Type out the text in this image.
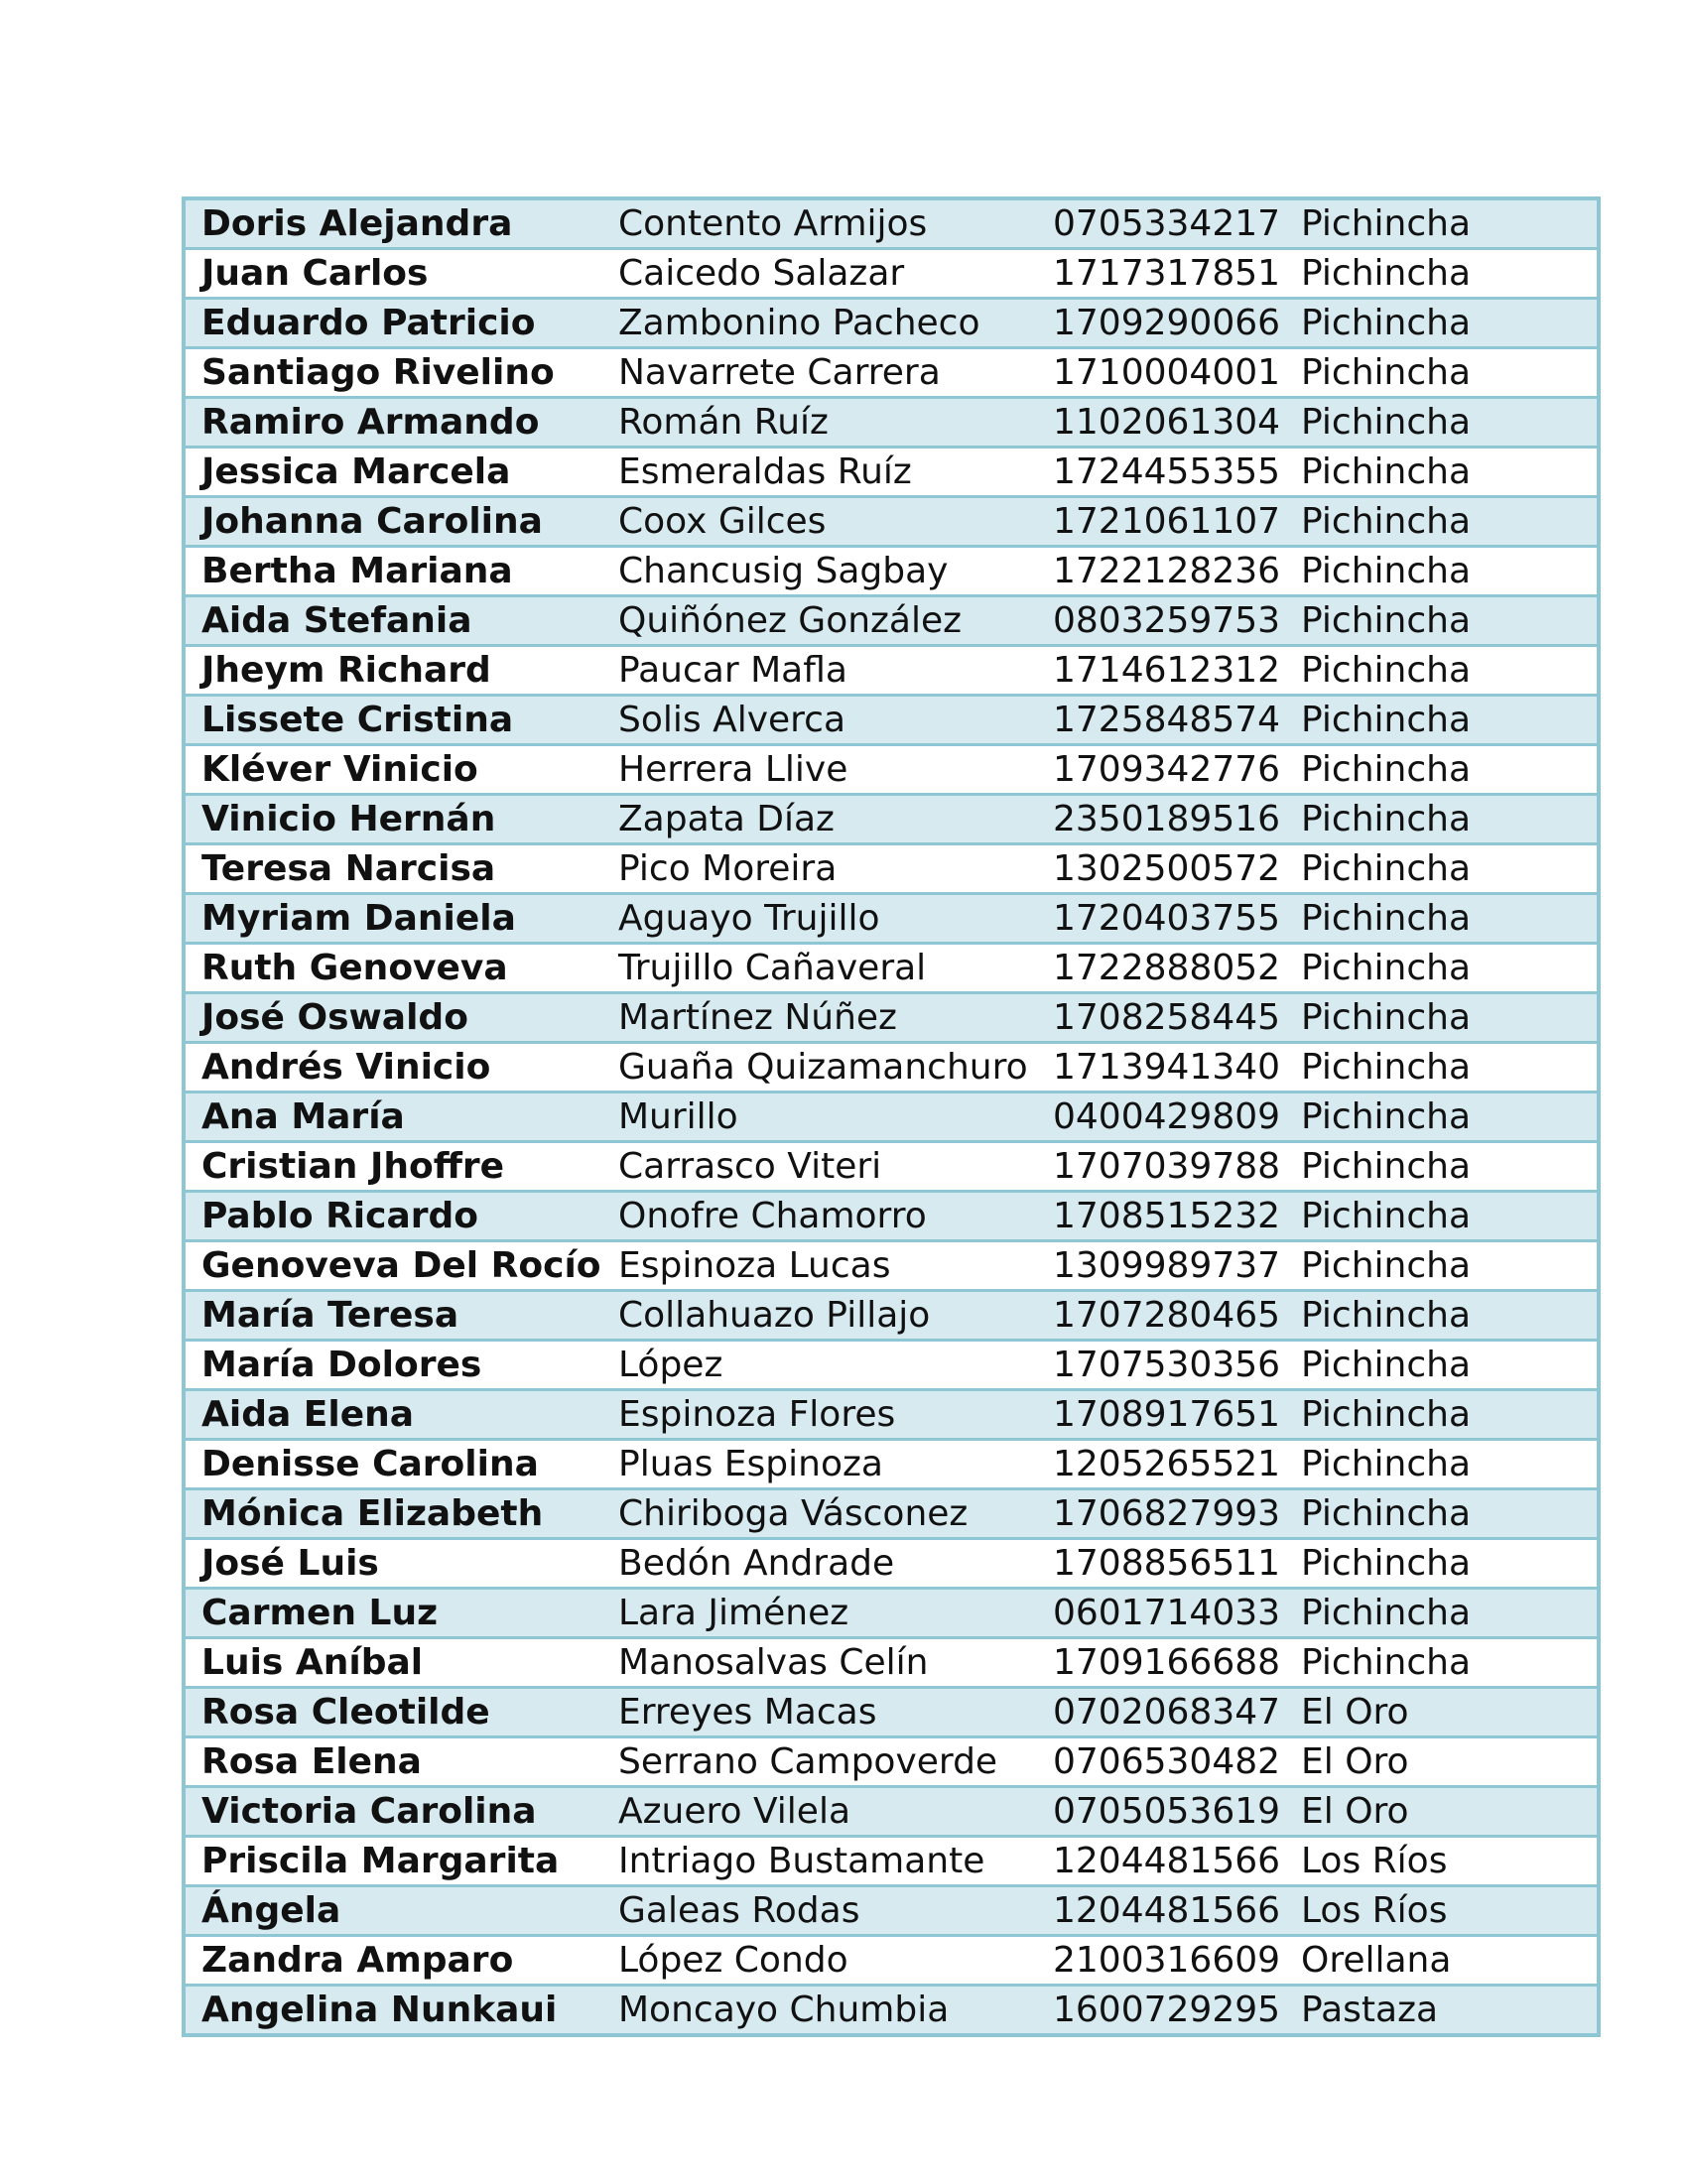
Doris Alejandra	Contento Armijos	0705334217	Pichincha
Juan Carlos	Caicedo Salazar	1717317851	Pichincha
Eduardo Patricio	Zambonino Pacheco	1709290066	Pichincha
Santiago Rivelino	Navarrete Carrera	1710004001	Pichincha
Ramiro Armando	Román Ruíz	1102061304	Pichincha
Jessica Marcela	Esmeraldas Ruíz	1724455355	Pichincha
Johanna Carolina	Coox Gilces	1721061107	Pichincha
Bertha Mariana	Chancusig Sagbay	1722128236	Pichincha
Aida Stefania	Quiñónez González	0803259753	Pichincha
Jheym Richard	Paucar Mafla	1714612312	Pichincha
Lissete Cristina	Solis Alverca	1725848574	Pichincha
Kléver Vinicio	Herrera Llive	1709342776	Pichincha
Vinicio Hernán	Zapata Díaz	2350189516	Pichincha
Teresa Narcisa	Pico Moreira	1302500572	Pichincha
Myriam Daniela	Aguayo Trujillo	1720403755	Pichincha
Ruth Genoveva	Trujillo Cañaveral	1722888052	Pichincha
José Oswaldo	Martínez Núñez	1708258445	Pichincha
Andrés Vinicio	Guaña Quizamanchuro	1713941340	Pichincha
Ana María	Murillo	0400429809	Pichincha
Cristian Jhoffre	Carrasco Viteri	1707039788	Pichincha
Pablo Ricardo	Onofre Chamorro	1708515232	Pichincha
Genoveva Del Rocío	Espinoza Lucas	1309989737	Pichincha
María Teresa	Collahuazo Pillajo	1707280465	Pichincha
María Dolores	López	1707530356	Pichincha
Aida Elena	Espinoza Flores	1708917651	Pichincha
Denisse Carolina	Pluas Espinoza	1205265521	Pichincha
Mónica Elizabeth	Chiriboga Vásconez	1706827993	Pichincha
José Luis	Bedón Andrade	1708856511	Pichincha
Carmen Luz	Lara Jiménez	0601714033	Pichincha
Luis Aníbal	Manosalvas Celín	1709166688	Pichincha
Rosa Cleotilde	Erreyes Macas	0702068347	El Oro
Rosa Elena	Serrano Campoverde	0706530482	El Oro
Victoria Carolina	Azuero Vilela	0705053619	El Oro
Priscila Margarita	Intriago Bustamante	1204481566	Los Ríos
Ángela	Galeas Rodas	1204481566	Los Ríos
Zandra Amparo	López Condo	2100316609	Orellana
Angelina Nunkaui	Moncayo Chumbia	1600729295	Pastaza
